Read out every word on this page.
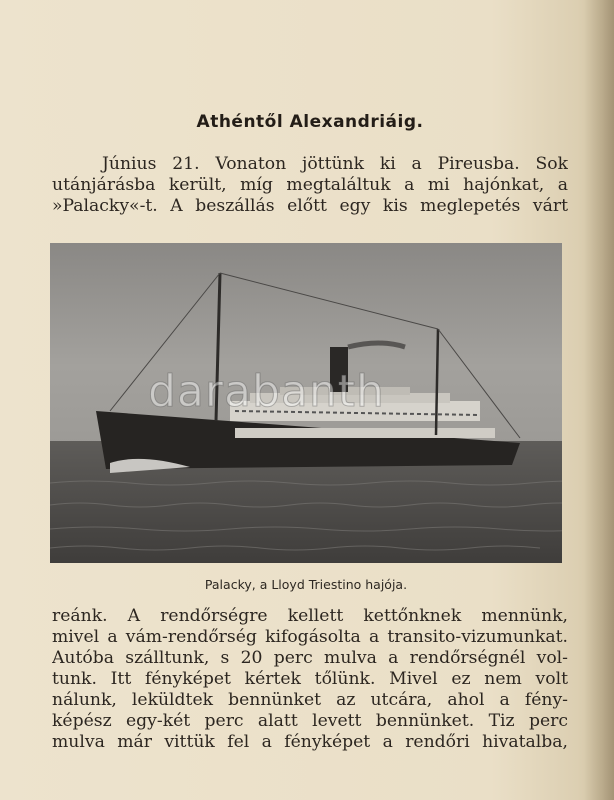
Athéntől Alexandriáig.
Június 21. Vonaton jöttünk ki a Pireusba. Sok
utánjárásba került, míg megtaláltuk a mi hajónkat, a
»Palacky«-t. A beszállás előtt egy kis meglepetés várt
darabanth
Palacky, a Lloyd Triestino hajója.
reánk. A rendőrségre kellett kettőnknek mennünk,
mivel a vám-rendőrség kifogásolta a transito-vizumunkat.
Autóba szálltunk, s 20 perc mulva a rendőrségnél vol-
tunk. Itt fényképet kértek tőlünk. Mivel ez nem volt
nálunk, leküldtek bennünket az utcára, ahol a fény-
képész egy-két perc alatt levett bennünket. Tiz perc
mulva már vittük fel a fényképet a rendőri hivatalba,
